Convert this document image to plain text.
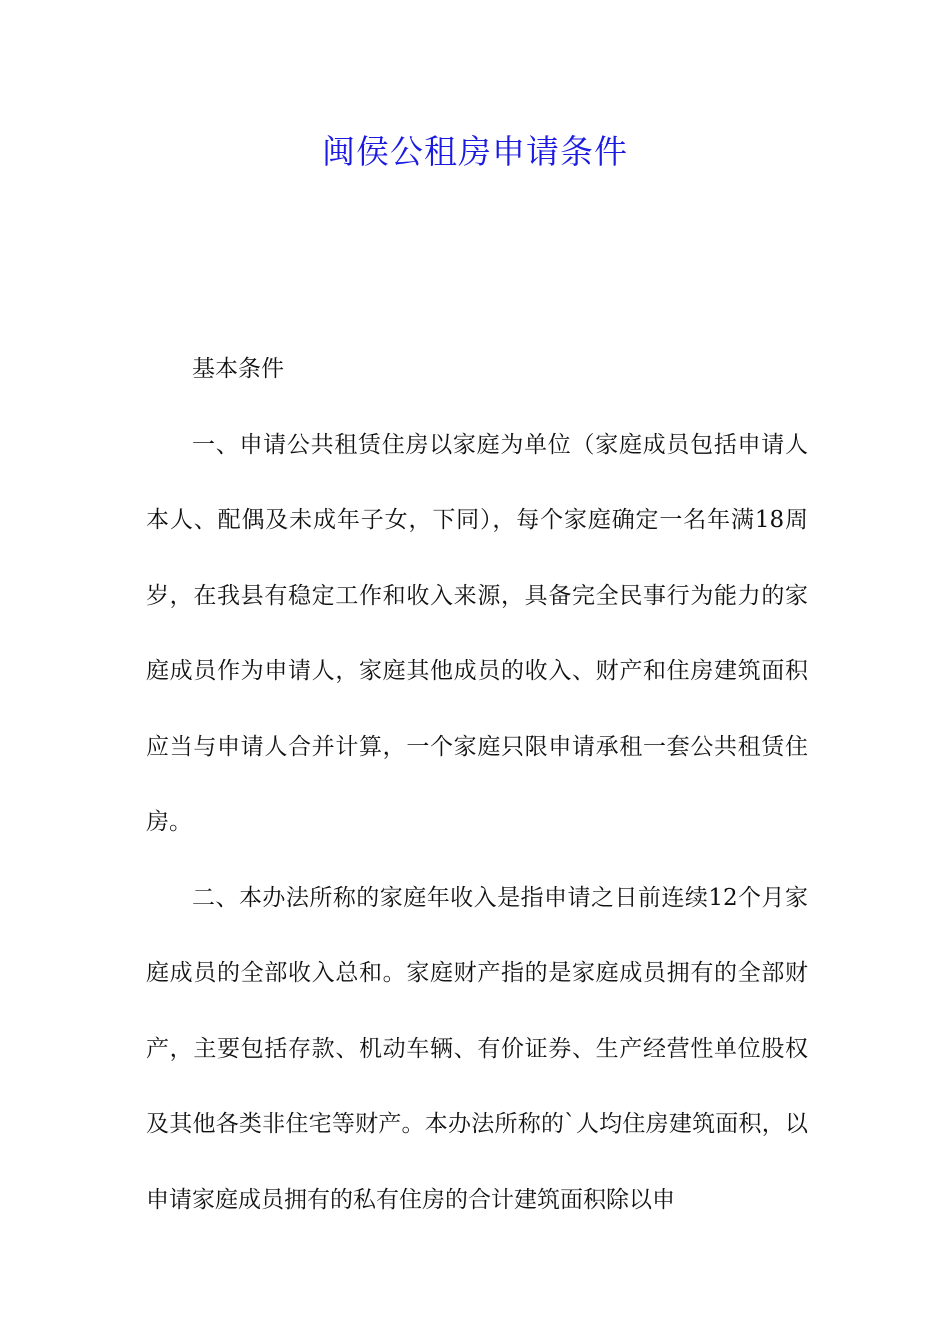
闽侯公租房申请条件

基本条件

一、申请公共租赁住房以家庭为单位（家庭成员包括申请人本人、配偶及未成年子女，下同），每个家庭确定一名年满18周岁，在我县有稳定工作和收入来源，具备完全民事行为能力的家庭成员作为申请人，家庭其他成员的收入、财产和住房建筑面积应当与申请人合并计算，一个家庭只限申请承租一套公共租赁住房。

二、本办法所称的家庭年收入是指申请之日前连续12个月家庭成员的全部收入总和。家庭财产指的是家庭成员拥有的全部财产，主要包括存款、机动车辆、有价证券、生产经营性单位股权及其他各类非住宅等财产。本办法所称的`人均住房建筑面积，以申请家庭成员拥有的私有住房的合计建筑面积除以申
